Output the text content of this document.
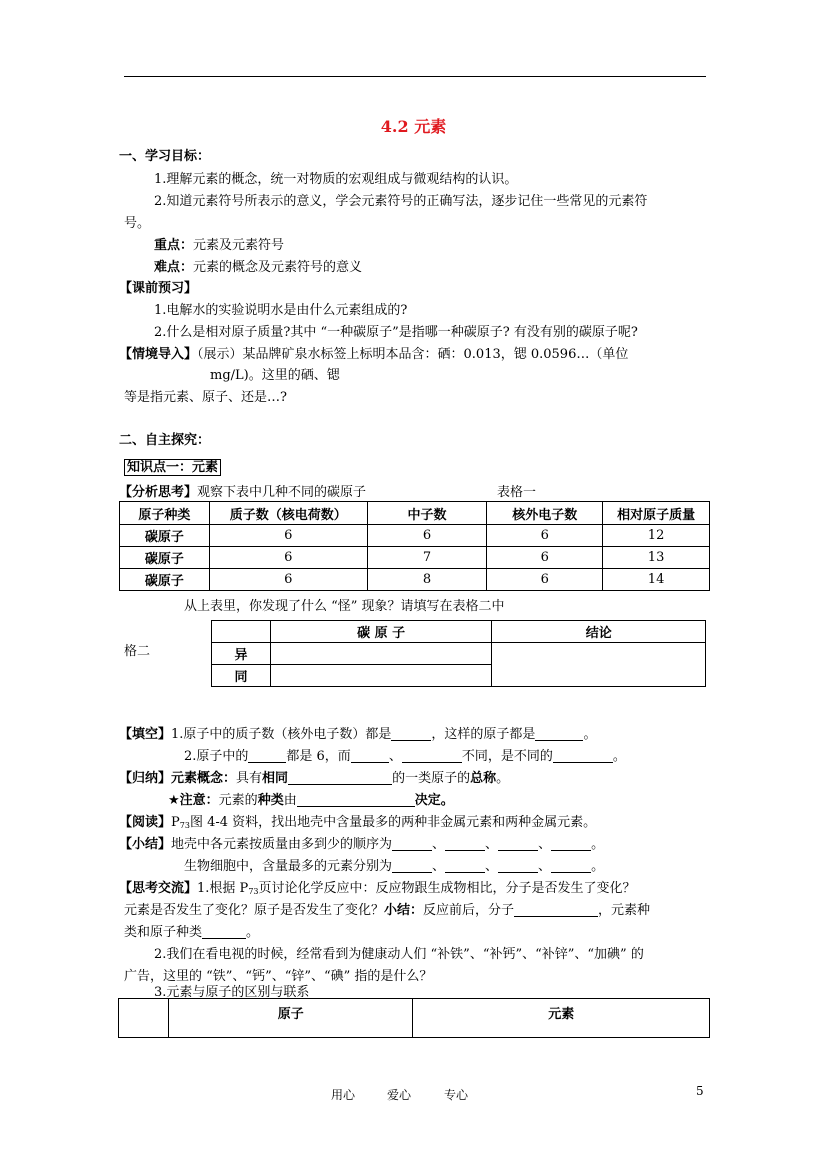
4.2 元素
一、学习目标：
1.理解元素的概念，统一对物质的宏观组成与微观结构的认识。
2.知道元素符号所表示的意义，学会元素符号的正确写法，逐步记住一些常见的元素符
号。
重点：元素及元素符号
难点：元素的概念及元素符号的意义
【课前预习】
1.电解水的实验说明水是由什么元素组成的?
2.什么是相对原子质量?其中 “一种碳原子”是指哪一种碳原子? 有没有别的碳原子呢?
【情境导入】（展示）某品牌矿泉水标签上标明本品含：硒：0.013，锶 0.0596…（单位
mg/L)。这里的硒、锶
等是指元素、原子、还是…?
二、自主探究：
知识点一：元素
【分析思考】观察下表中几种不同的碳原子	表格一
原子种类	质子数（核电荷数）	中子数	核外电子数	相对原子质量
碳原子	6	6	6	12
碳原子	6	7	6	13
碳原子	6	8	6	14
从上表里，你发现了什么 “怪” 现象？请填写在表格二中
格二
	碳 原 子	结论
异		
同		
【填空】1.原子中的质子数（核外电子数）都是	，这样的原子都是	。
2.原子中的	都是 6，而	、	不同，是不同的	。
【归纳】元素概念：具有相同	的一类原子的总称。
★注意：元素的种类由	决定。
【阅读】$P_{73}$图 4-4 资料，找出地壳中含量最多的两种非金属元素和两种金属元素。
【小结】地壳中各元素按质量由多到少的顺序为	、	、	、	。
生物细胞中，含量最多的元素分别为	、	、	、	。
【思考交流】1.根据 $P_{73}$页讨论化学反应中：反应物跟生成物相比，分子是否发生了变化？
元素是否发生了变化？原子是否发生了变化？小结：反应前后，分子	，元素种
类和原子种类	。
2.我们在看电视的时候，经常看到为健康动人们 “补铁”、“补钙”、“补锌”、“加碘” 的
广告，这里的 “铁”、“钙”、“锌”、“碘” 指的是什么？
3.元素与原子的区别与联系
	原子	元素
用心	爱心	专心	5
